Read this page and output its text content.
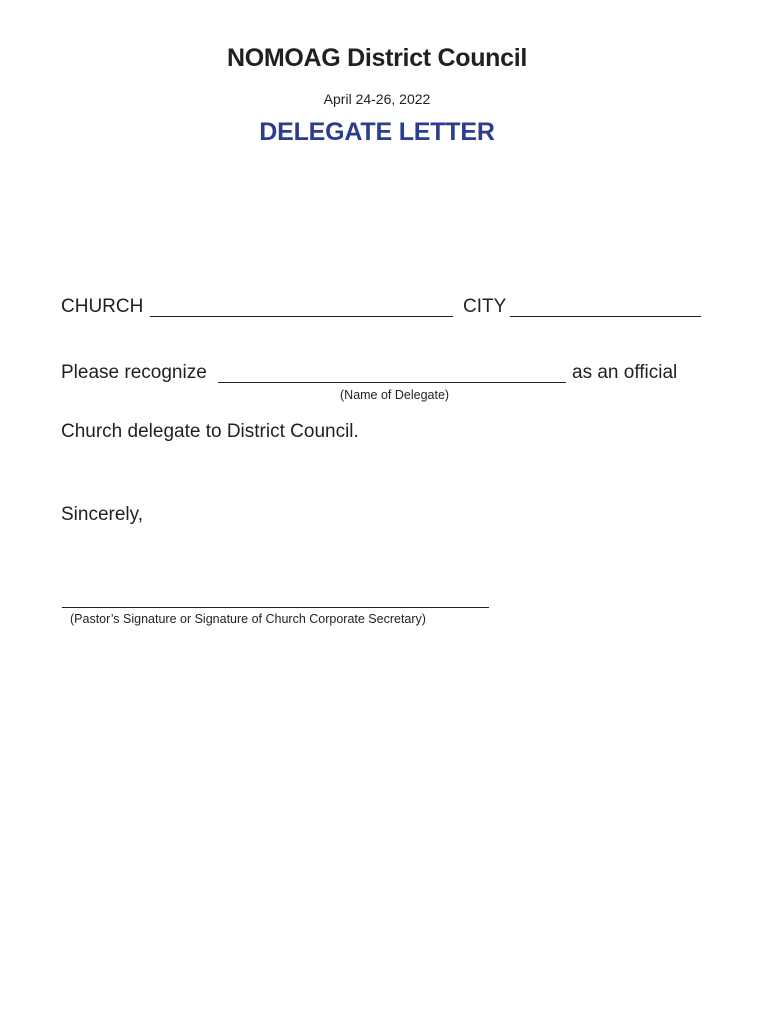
NOMOAG District Council
April 24-26, 2022
DELEGATE LETTER
CHURCH	CITY
Please recognize	as an official
(Name of Delegate)
Church delegate to District Council.
Sincerely,
(Pastor’s Signature or Signature of Church Corporate Secretary)
